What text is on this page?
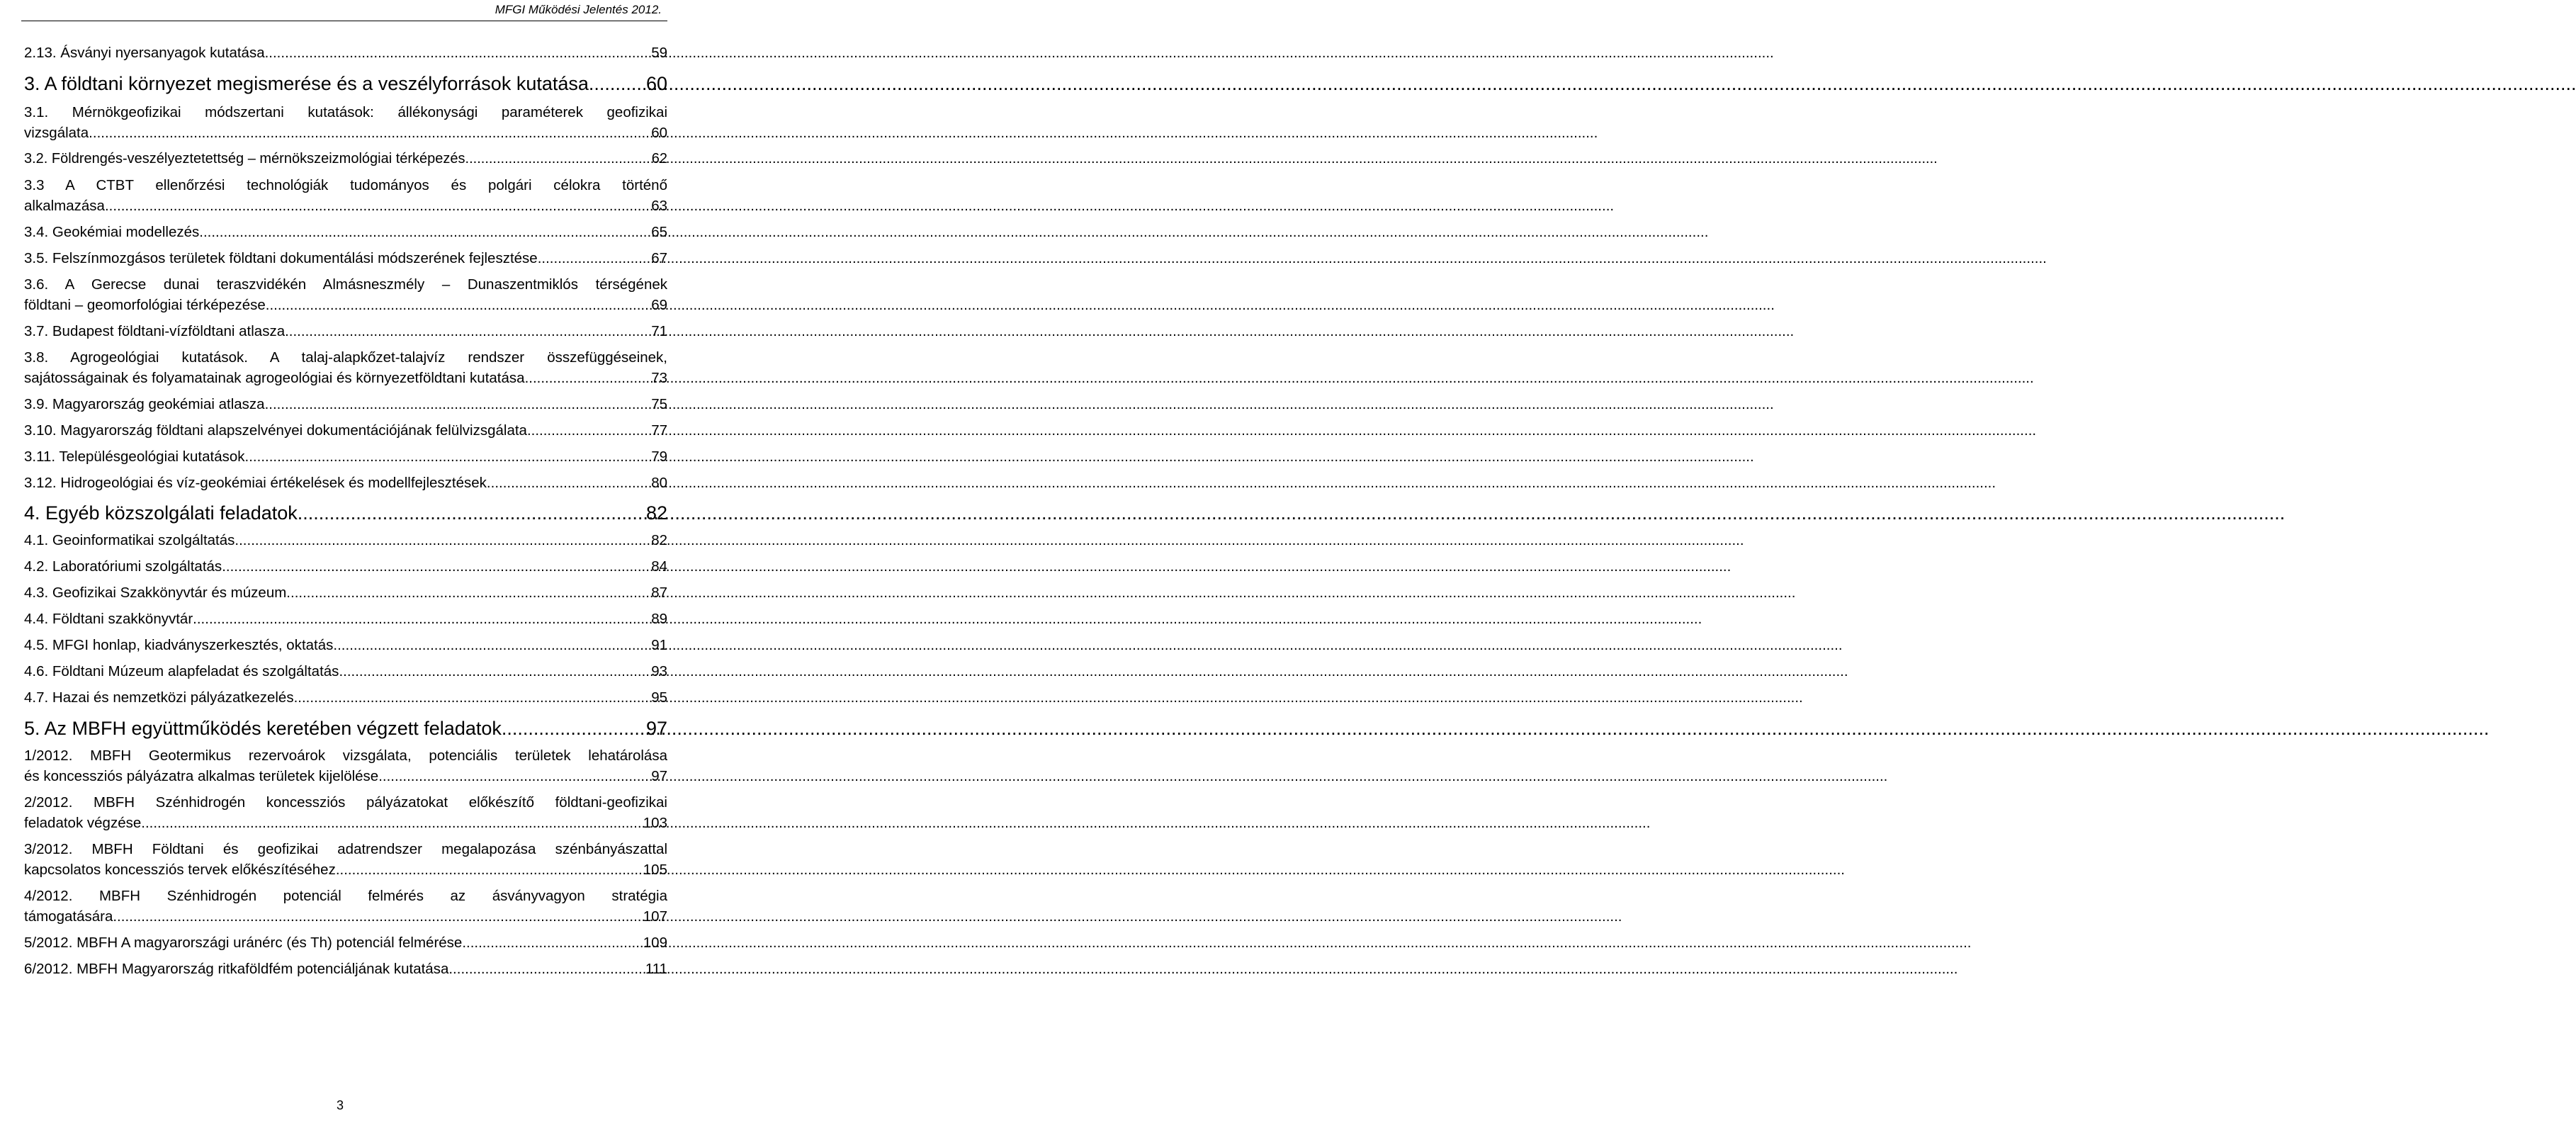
MFGI Működési Jelentés 2012.
2.13. Ásványi nyersanyagok kutatása .....	59
3. A földtani környezet megismerése és a veszélyforrások kutatása .....	60
3.1. Mérnökgeofizikai módszertani kutatások: állékonysági paraméterek geofizikai
vizsgálata .....	60
3.2. Földrengés-veszélyeztetettség – mérnökszeizmológiai térképezés .....	62
3.3 A CTBT ellenőrzési technológiák tudományos és polgári célokra történő
alkalmazása .....	63
3.4. Geokémiai modellezés .....	65
3.5. Felszínmozgásos területek földtani dokumentálási módszerének fejlesztése .....	67
3.6. A Gerecse dunai teraszvidékén Almásneszmély – Dunaszentmiklós térségének
földtani – geomorfológiai térképezése .....	69
3.7. Budapest földtani-vízföldtani atlasza .....	71
3.8. Agrogeológiai kutatások. A talaj-alapkőzet-talajvíz rendszer összefüggéseinek,
sajátosságainak és folyamatainak agrogeológiai és környezetföldtani kutatása .....	73
3.9. Magyarország geokémiai atlasza .....	75
3.10. Magyarország földtani alapszelvényei dokumentációjának felülvizsgálata .....	77
3.11. Településgeológiai kutatások .....	79
3.12. Hidrogeológiai és víz-geokémiai értékelések és modellfejlesztések .....	80
4. Egyéb közszolgálati feladatok .....	82
4.1. Geoinformatikai szolgáltatás .....	82
4.2. Laboratóriumi szolgáltatás .....	84
4.3. Geofizikai Szakkönyvtár és múzeum .....	87
4.4. Földtani szakkönyvtár .....	89
4.5. MFGI honlap, kiadványszerkesztés, oktatás .....	91
4.6. Földtani Múzeum alapfeladat és szolgáltatás .....	93
4.7. Hazai és nemzetközi pályázatkezelés .....	95
5. Az MBFH együttműködés keretében végzett feladatok .....	97
1/2012. MBFH Geotermikus rezervoárok vizsgálata, potenciális területek lehatárolása
és koncessziós pályázatra alkalmas területek kijelölése .....	97
2/2012. MBFH Szénhidrogén koncessziós pályázatokat előkészítő földtani-geofizikai
feladatok végzése .....	103
3/2012. MBFH Földtani és geofizikai adatrendszer megalapozása szénbányászattal
kapcsolatos koncessziós tervek előkészítéséhez .....	105
4/2012. MBFH Szénhidrogén potenciál felmérés az ásványvagyon stratégia
támogatására .....	107
5/2012. MBFH A magyarországi uránérc (és Th) potenciál felmérése .....	109
6/2012. MBFH Magyarország ritkaföldfém potenciáljának kutatása .....	111
3
